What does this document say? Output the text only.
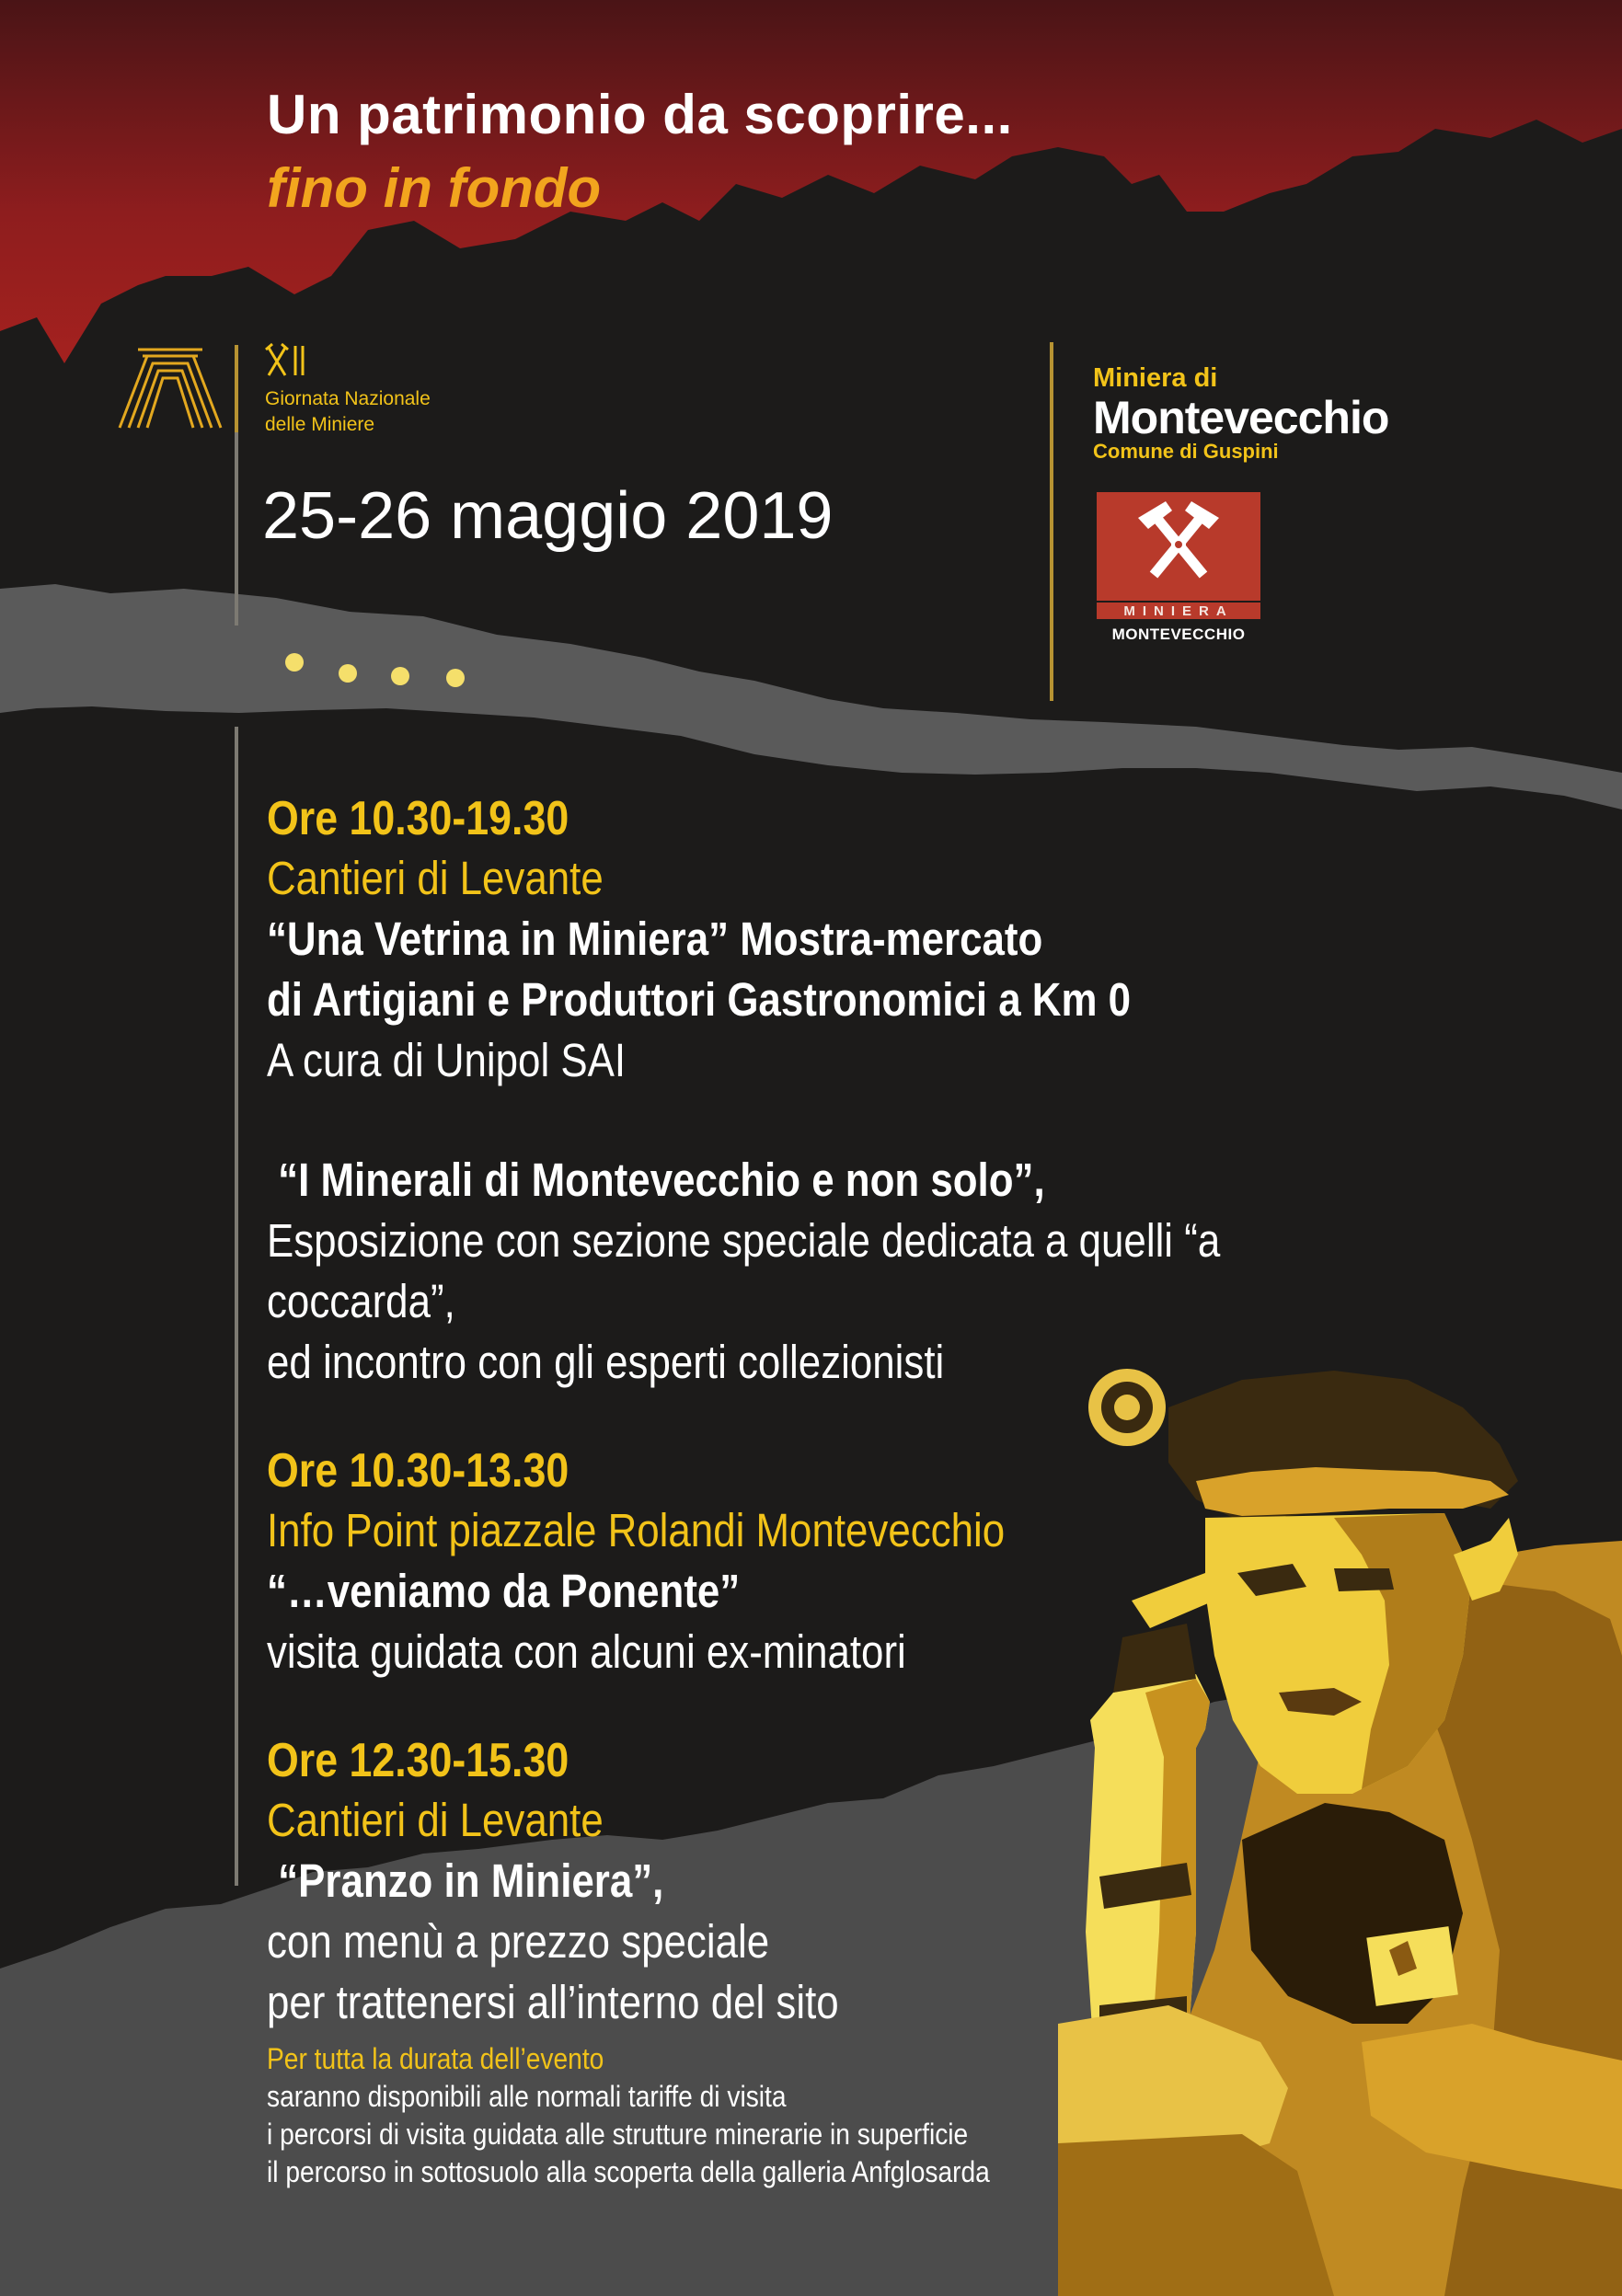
Un patrimonio da scoprire...
fino in fondo
Giornata Nazionale
delle Miniere
25-26 maggio 2019
Miniera di
Montevecchio
Comune di Guspini
MINIERA
MONTEVECCHIO
Ore 10.30-19.30
Cantieri di Levante
“Una Vetrina in Miniera” Mostra-mercato
di Artigiani e Produttori Gastronomici a Km 0
A cura di Unipol SAI
“I Minerali di Montevecchio e non solo”,
Esposizione con sezione speciale dedicata a quelli “a coccarda”,
ed incontro con gli esperti collezionisti
Ore 10.30-13.30
Info Point piazzale Rolandi Montevecchio
“…veniamo da Ponente”
visita guidata con alcuni ex-minatori
Ore 12.30-15.30
Cantieri di Levante
“Pranzo in Miniera”,
con menù a prezzo speciale
per trattenersi all’interno del sito
Per tutta la durata dell’evento
saranno disponibili alle normali tariffe di visita
i percorsi di visita guidata alle strutture minerarie in superficie
il percorso in sottosuolo alla scoperta della galleria Anfglosarda
